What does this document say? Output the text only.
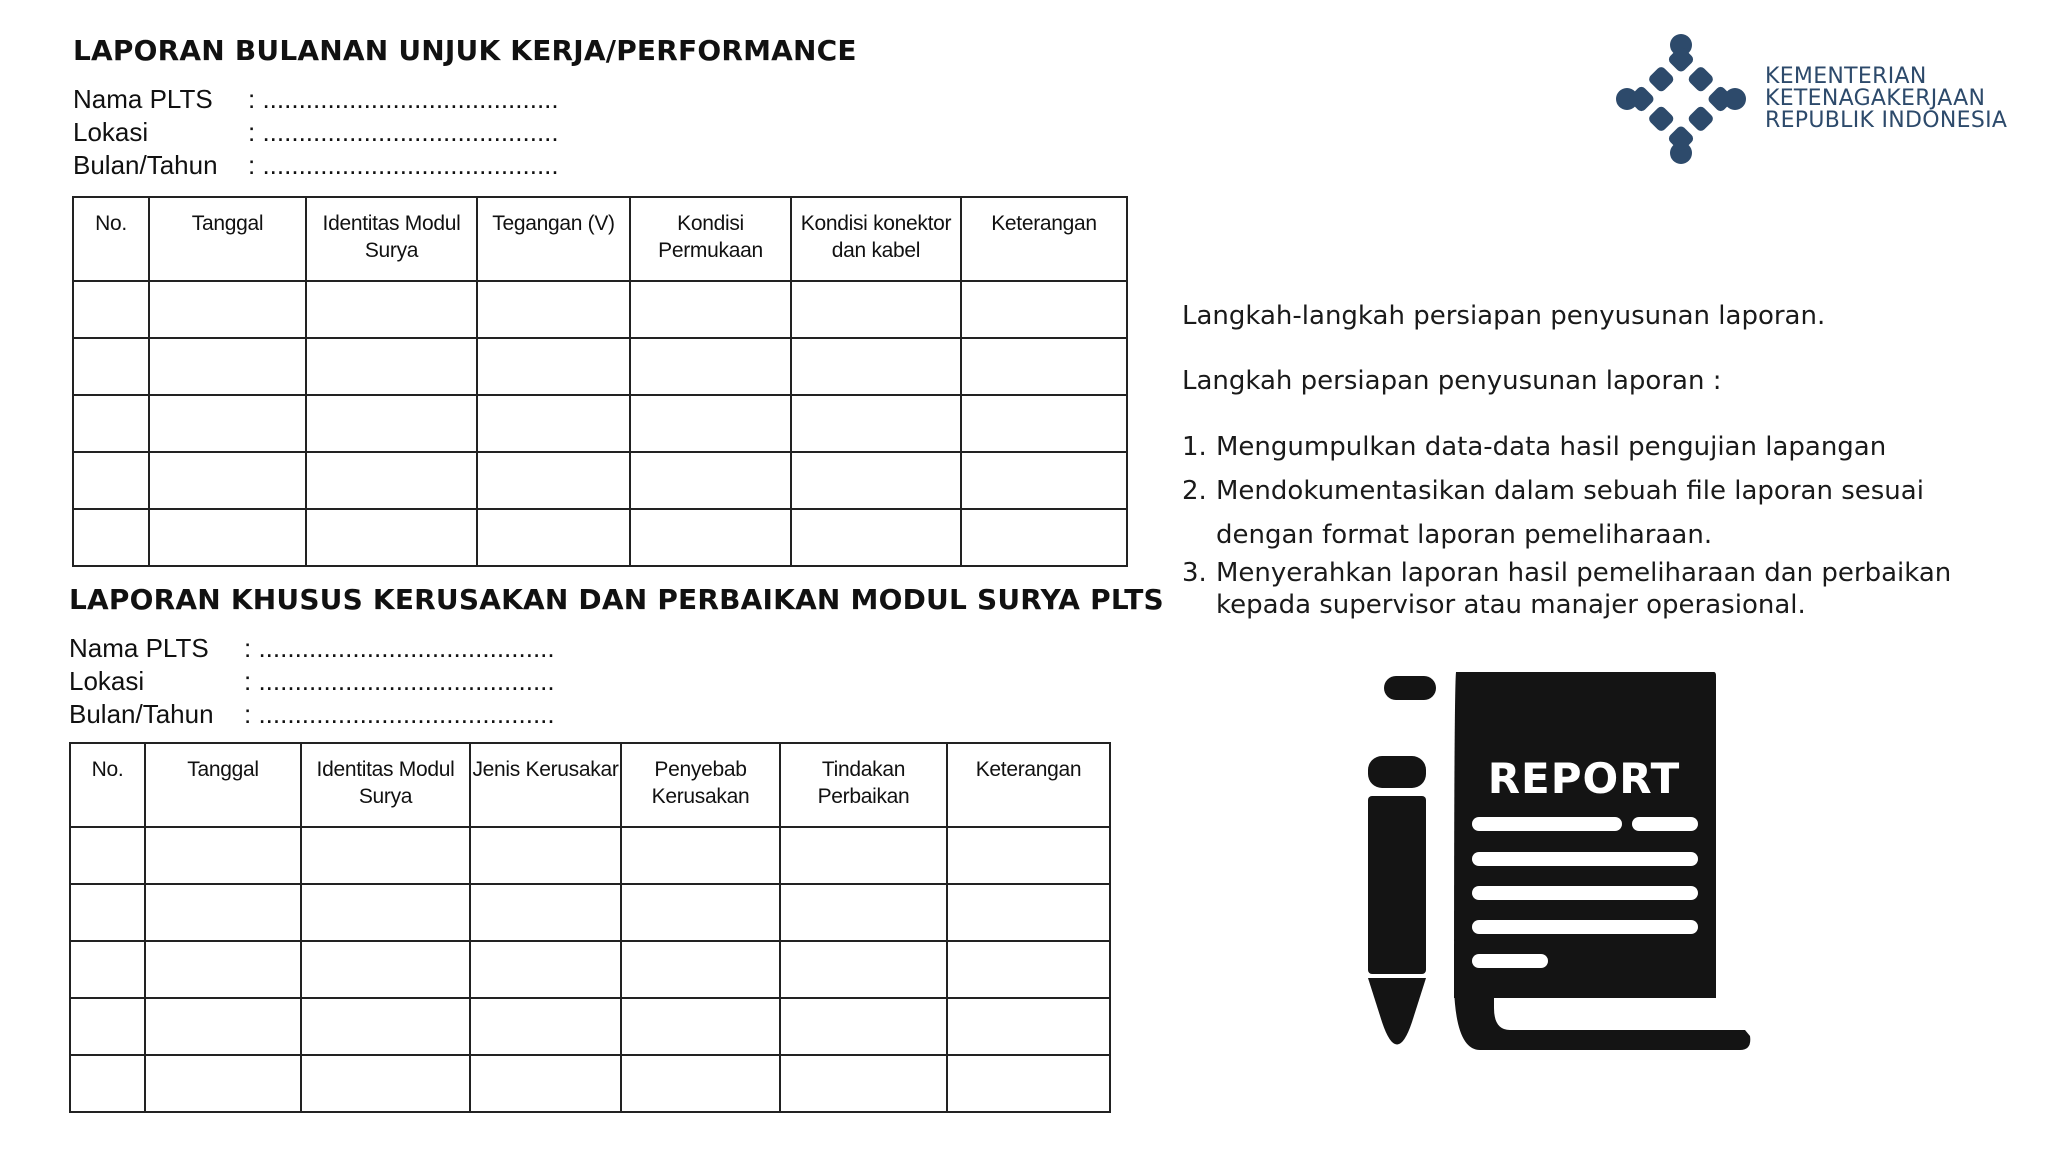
LAPORAN BULANAN UNJUK KERJA/PERFORMANCE
Nama PLTS : .........................................
Lokasi	: .........................................
Bulan/Tahun : .........................................
No.	Tanggal	Identitas Modul Surya	Tegangan (V)	Kondisi Permukaan	Kondisi konektor dan kabel	Keterangan

LAPORAN KHUSUS KERUSAKAN DAN PERBAIKAN MODUL SURYA PLTS
Nama PLTS : .........................................
Lokasi	: .........................................
Bulan/Tahun : .........................................
No.	Tanggal	Identitas Modul Surya	Jenis Kerusakar	Penyebab Kerusakan	Tindakan Perbaikan	Keterangan

KEMENTERIAN
KETENAGAKERJAAN
REPUBLIK INDONESIA
Langkah-langkah persiapan penyusunan laporan.
Langkah persiapan penyusunan laporan :
1. Mengumpulkan data-data hasil pengujian lapangan
2. Mendokumentasikan dalam sebuah file laporan sesuai
dengan format laporan pemeliharaan.
3. Menyerahkan laporan hasil pemeliharaan dan perbaikan
kepada supervisor atau manajer operasional.
REPORT
